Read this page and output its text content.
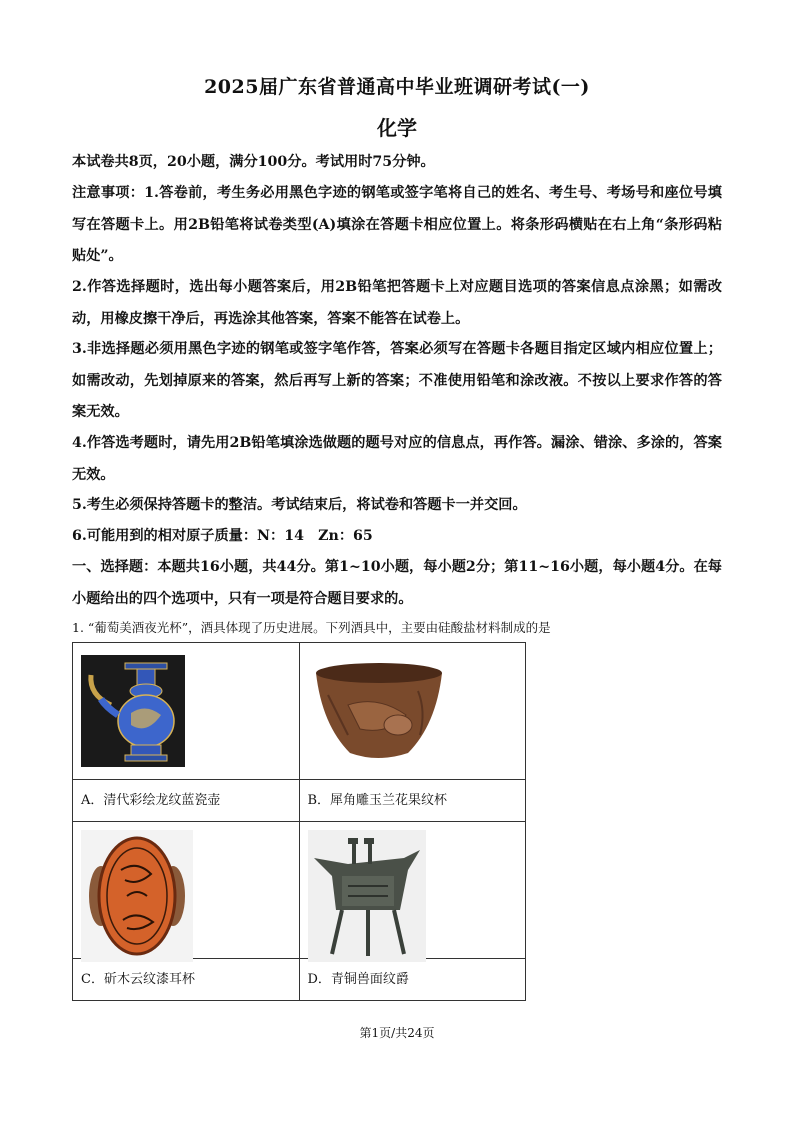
2025届广东省普通高中毕业班调研考试(一)
化学
本试卷共8页，20小题，满分100分。考试用时75分钟。
注意事项：1.答卷前，考生务必用黑色字迹的钢笔或签字笔将自己的姓名、考生号、考场号和座位号填写在答题卡上。用2B铅笔将试卷类型(A)填涂在答题卡相应位置上。将条形码横贴在右上角“条形码粘贴处”。
2.作答选择题时，选出每小题答案后，用2B铅笔把答题卡上对应题目选项的答案信息点涂黑；如需改动，用橡皮擦干净后，再选涂其他答案，答案不能答在试卷上。
3.非选择题必须用黑色字迹的钢笔或签字笔作答，答案必须写在答题卡各题目指定区域内相应位置上；如需改动，先划掉原来的答案，然后再写上新的答案；不准使用铅笔和涂改液。不按以上要求作答的答案无效。
4.作答选考题时，请先用2B铅笔填涂选做题的题号对应的信息点，再作答。漏涂、错涂、多涂的，答案无效。
5.考生必须保持答题卡的整洁。考试结束后，将试卷和答题卡一并交回。
6.可能用到的相对原子质量：N：14　Zn：65
一、选择题：本题共16小题，共44分。第1~10小题，每小题2分；第11~16小题，每小题4分。在每小题给出的四个选项中，只有一项是符合题目要求的。
1. “葡萄美酒夜光杯”，酒具体现了历史进展。下列酒具中，主要由硅酸盐材料制成的是

A．清代彩绘龙纹蓝瓷壶	B．犀角雕玉兰花果纹杯

C．斫木云纹漆耳杯	D．青铜兽面纹爵
第1页/共24页
